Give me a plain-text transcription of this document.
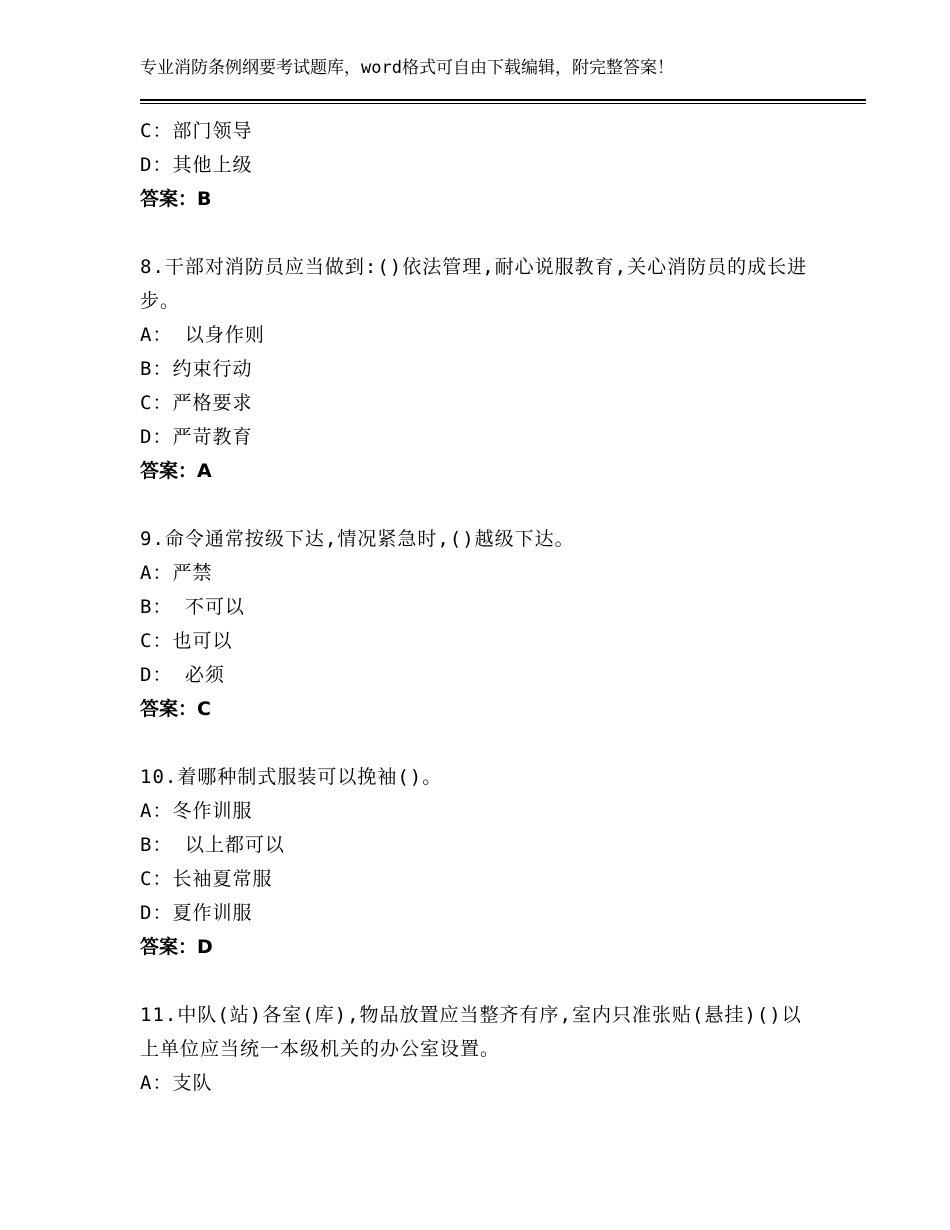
专业消防条例纲要考试题库，word格式可自由下载编辑，附完整答案！
C：部门领导
D：其他上级
答案：B
8.干部对消防员应当做到:()依法管理,耐心说服教育,关心消防员的成长进步。
A： 以身作则
B：约束行动
C：严格要求
D：严苛教育
答案：A
9.命令通常按级下达,情况紧急时,()越级下达。
A：严禁
B： 不可以
C：也可以
D： 必须
答案：C
10.着哪种制式服装可以挽袖()。
A：冬作训服
B： 以上都可以
C：长袖夏常服
D：夏作训服
答案：D
11.中队(站)各室(库),物品放置应当整齐有序,室内只准张贴(悬挂)()以上单位应当统一本级机关的办公室设置。
A：支队
